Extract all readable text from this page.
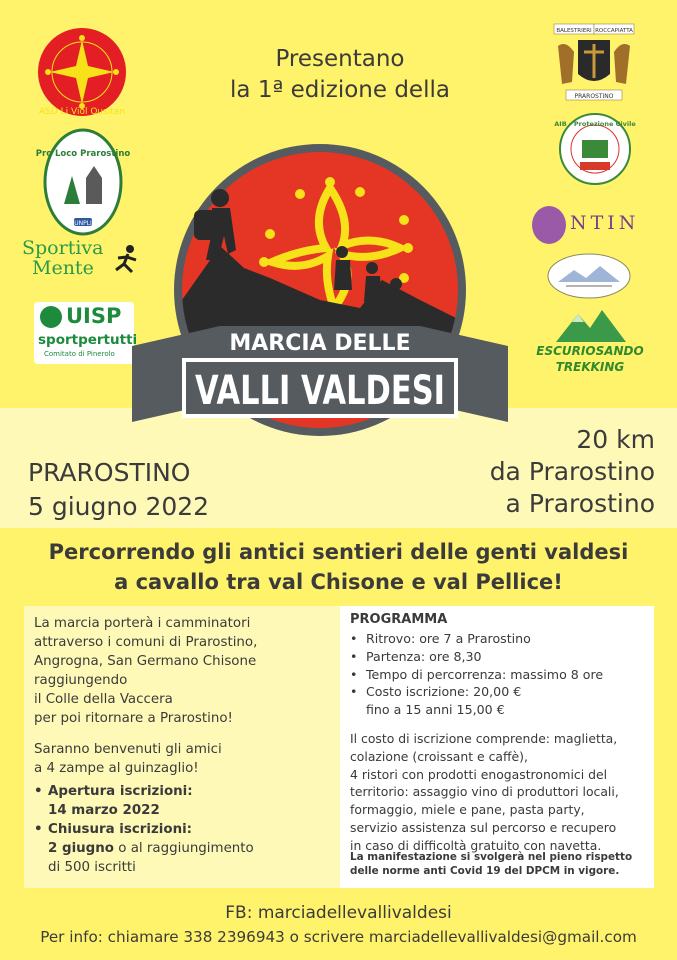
Presentano
la 1ª edizione della
ASD Li Viol Ousitan
Pro Loco Prarostino
UNPLI
Sportiva
Mente
UISP
sportpertutti
Comitato di Pinerolo
BALESTRIERI ROCCAPIATTA
PRAROSTINO
AIB - Protezione Civile
NTIN
ESCURIOSANDO
TREKKING
MARCIA DELLE
VALLI VALDESI
PRAROSTINO
5 giugno 2022
20 km
da Prarostino
a Prarostino
Percorrendo gli antici sentieri delle genti valdesi
a cavallo tra val Chisone e val Pellice!
La marcia porterà i camminatori
attraverso i comuni di Prarostino,
Angrogna, San Germano Chisone
raggiungendo
il Colle della Vaccera
per poi ritornare a Prarostino!
Saranno benvenuti gli amici
a 4 zampe al guinzaglio!
• Apertura iscrizioni:
14 marzo 2022
• Chiusura iscrizioni:
2 giugno o al raggiungimento
di 500 iscritti
PROGRAMMA
• Ritrovo: ore 7 a Prarostino
• Partenza: ore 8,30
• Tempo di percorrenza: massimo 8 ore
• Costo iscrizione: 20,00 €
fino a 15 anni 15,00 €
Il costo di iscrizione comprende: maglietta,
colazione (croissant e caffè),
4 ristori con prodotti enogastronomici del
territorio: assaggio vino di produttori locali,
formaggio, miele e pane, pasta party,
servizio assistenza sul percorso e recupero
in caso di difficoltà gratuito con navetta.
La manifestazione si svolgerà nel pieno rispetto
delle norme anti Covid 19 del DPCM in vigore.
FB: marciadellevallivaldesi
Per info: chiamare 338 2396943 o scrivere marciadellevallivaldesi@gmail.com
